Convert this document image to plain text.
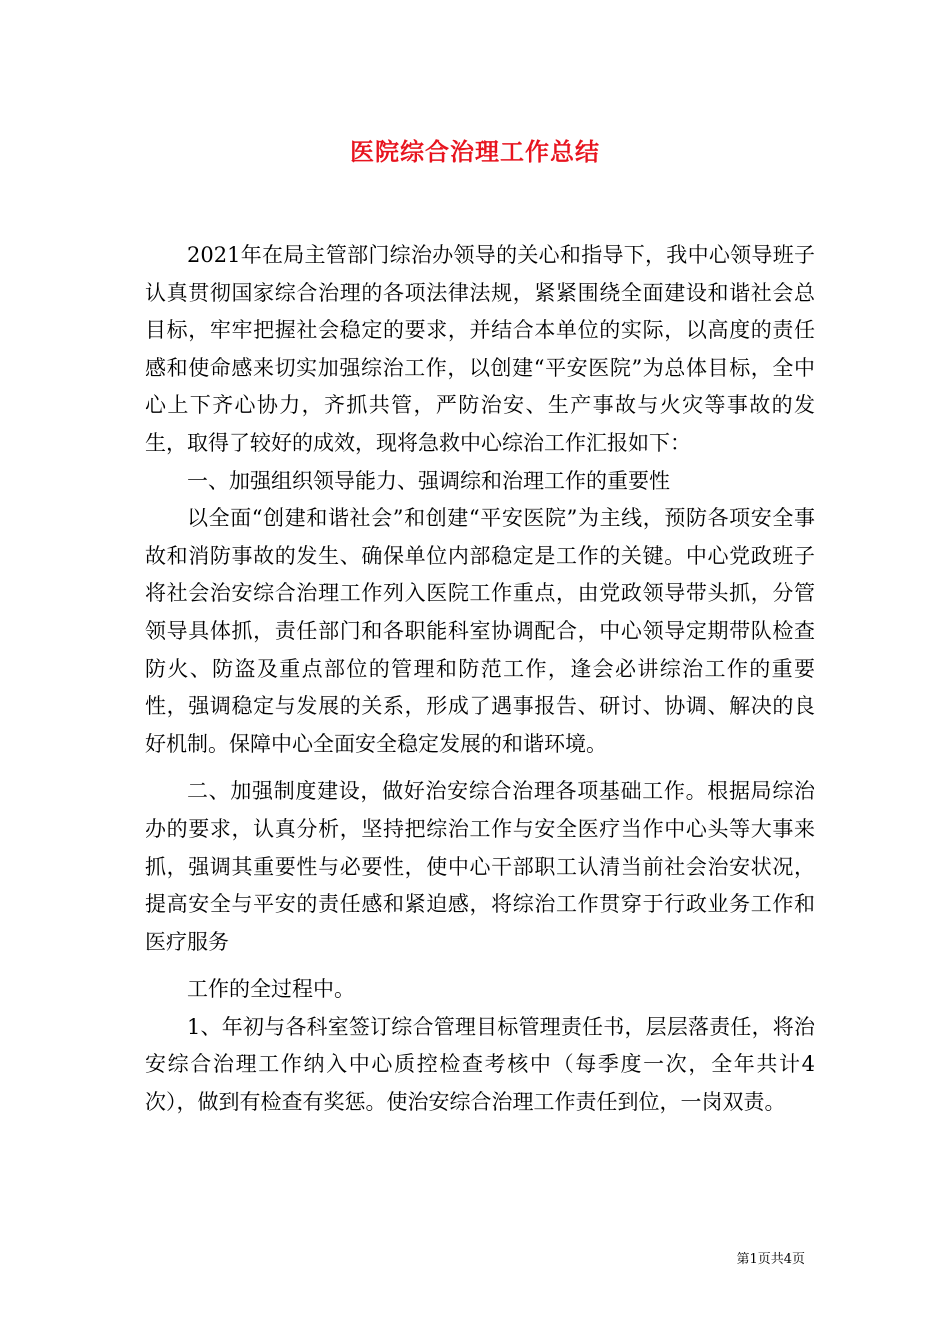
医院综合治理工作总结

2021年在局主管部门综治办领导的关心和指导下，我中心领导班子认真贯彻国家综合治理的各项法律法规，紧紧围绕全面建设和谐社会总目标，牢牢把握社会稳定的要求，并结合本单位的实际，以高度的责任感和使命感来切实加强综治工作，以创建“平安医院”为总体目标，全中心上下齐心协力，齐抓共管，严防治安、生产事故与火灾等事故的发生，取得了较好的成效，现将急救中心综治工作汇报如下：

一、加强组织领导能力、强调综和治理工作的重要性

以全面“创建和谐社会”和创建“平安医院”为主线，预防各项安全事故和消防事故的发生、确保单位内部稳定是工作的关键。中心党政班子将社会治安综合治理工作列入医院工作重点，由党政领导带头抓，分管领导具体抓，责任部门和各职能科室协调配合，中心领导定期带队检查防火、防盗及重点部位的管理和防范工作，逢会必讲综治工作的重要性，强调稳定与发展的关系，形成了遇事报告、研讨、协调、解决的良好机制。保障中心全面安全稳定发展的和谐环境。

二、加强制度建设，做好治安综合治理各项基础工作。根据局综治办的要求，认真分析，坚持把综治工作与安全医疗当作中心头等大事来抓，强调其重要性与必要性，使中心干部职工认清当前社会治安状况，提高安全与平安的责任感和紧迫感，将综治工作贯穿于行政业务工作和医疗服务

工作的全过程中。

1、年初与各科室签订综合管理目标管理责任书，层层落责任，将治安综合治理工作纳入中心质控检查考核中（每季度一次，全年共计4次），做到有检查有奖惩。使治安综合治理工作责任到位，一岗双责。

第1页共4页
